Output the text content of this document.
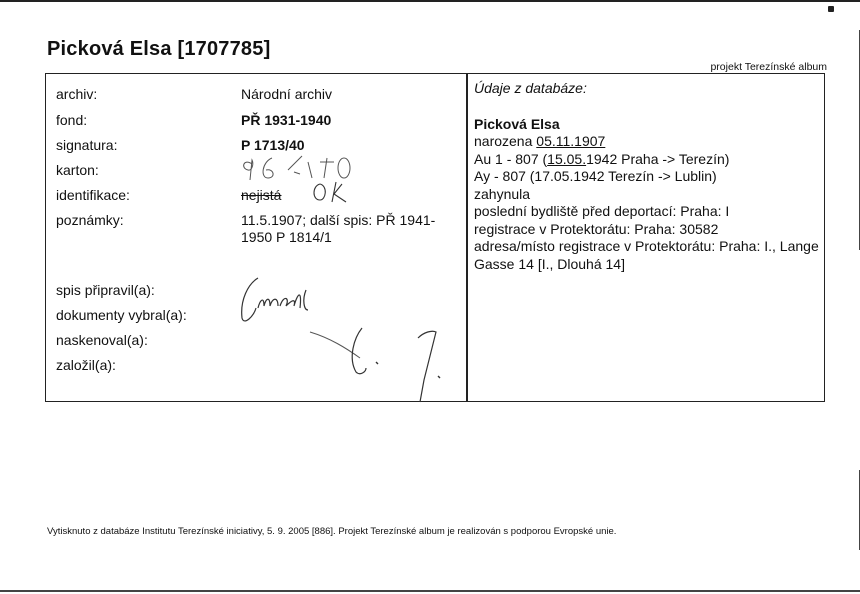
Picková Elsa [1707785]
projekt Terezínské album
archiv:
fond:
signatura:
karton:
identifikace:
poznámky:
Národní archiv
PŘ 1931-1940
P 1713/40
nejistá
11.5.1907; další spis: PŘ 1941-1950 P 1814/1
spis připravil(a):
dokumenty vybral(a):
naskenoval(a):
založil(a):
Údaje z databáze:
Picková Elsa
narozena 05.11.1907
Au 1 - 807 (15.05.1942 Praha -> Terezín)
Ay - 807 (17.05.1942 Terezín -> Lublin)
zahynula
poslední bydliště před deportací: Praha: I
registrace v Protektorátu: Praha: 30582
adresa/místo registrace v Protektorátu: Praha: I., Lange Gasse 14 [I., Dlouhá 14]
Vytisknuto z databáze Institutu Terezínské iniciativy, 5. 9. 2005 [886]. Projekt Terezínské album je realizován s podporou Evropské unie.
